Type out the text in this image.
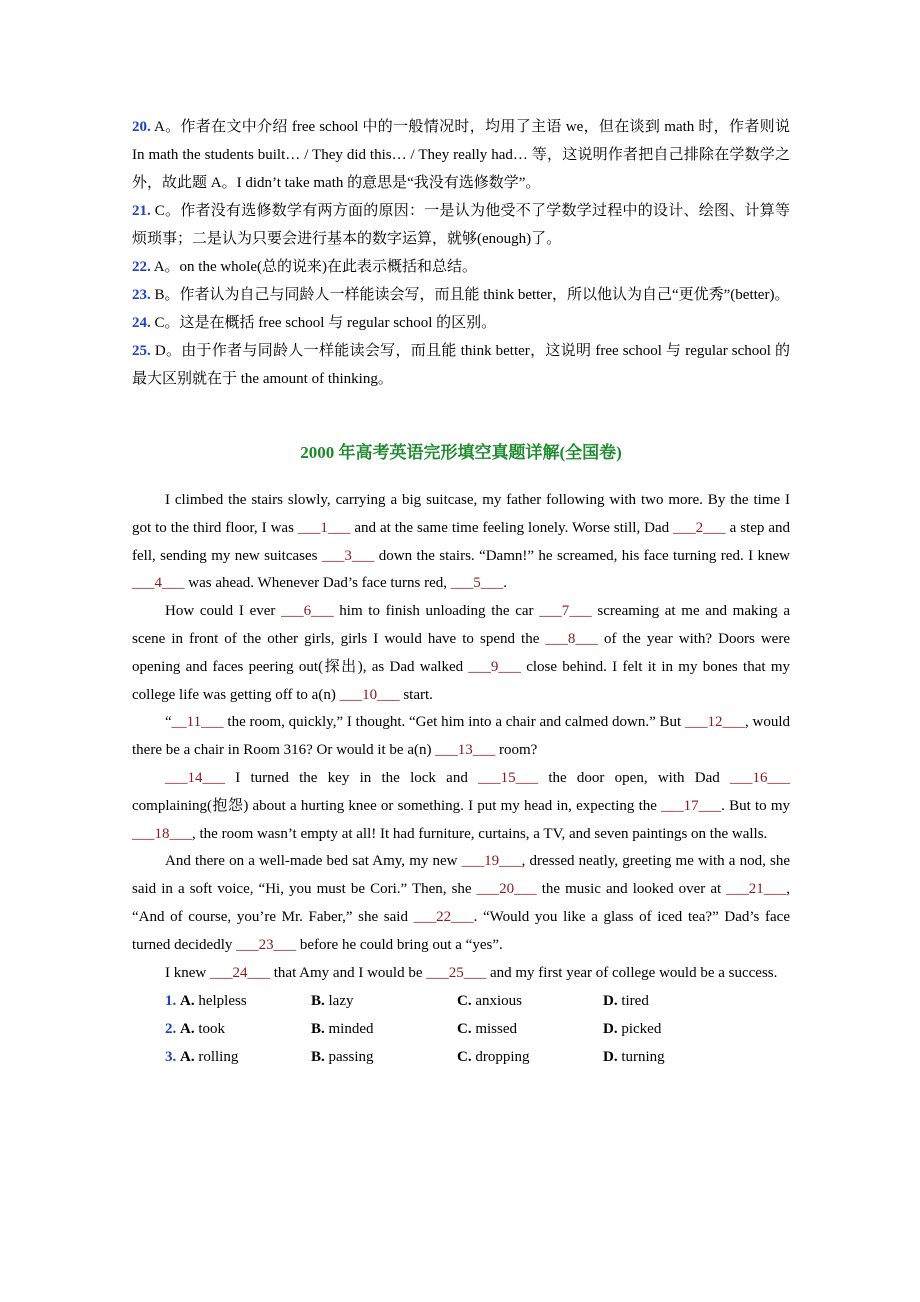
20. A。作者在文中介绍 free school 中的一般情况时，均用了主语 we，但在谈到 math 时，作者则说 In math the students built… / They did this… / They really had… 等，这说明作者把自己排除在学数学之外，故此题 A。I didn’t take math 的意思是“我没有选修数学”。
21. C。作者没有选修数学有两方面的原因：一是认为他受不了学数学过程中的设计、绘图、计算等烦琐事；二是认为只要会进行基本的数字运算，就够(enough)了。
22. A。on the whole(总的说来)在此表示概括和总结。
23. B。作者认为自己与同龄人一样能读会写，而且能 think better，所以他认为自己“更优秀”(better)。
24. C。这是在概括 free school 与 regular school 的区别。
25. D。由于作者与同龄人一样能读会写，而且能 think better，这说明 free school 与 regular school 的最大区别就在于 the amount of thinking。
2000 年高考英语完形填空真题详解(全国卷)

I climbed the stairs slowly, carrying a big suitcase, my father following with two more. By the time I got to the third floor, I was ___1___ and at the same time feeling lonely. Worse still, Dad ___2___ a step and fell, sending my new suitcases ___3___ down the stairs. “Damn!” he screamed, his face turning red. I knew ___4___ was ahead. Whenever Dad’s face turns red, ___5___.

How could I ever ___6___ him to finish unloading the car ___7___ screaming at me and making a scene in front of the other girls, girls I would have to spend the ___8___ of the year with? Doors were opening and faces peering out(探出), as Dad walked ___9___ close behind. I felt it in my bones that my college life was getting off to a(n) ___10___ start.

“__11___ the room, quickly,” I thought. “Get him into a chair and calmed down.” But ___12___, would there be a chair in Room 316? Or would it be a(n) ___13___ room?

___14___ I turned the key in the lock and ___15___ the door open, with Dad ___16___ complaining(抱怨) about a hurting knee or something. I put my head in, expecting the ___17___. But to my ___18___, the room wasn’t empty at all! It had furniture, curtains, a TV, and seven paintings on the walls.

And there on a well-made bed sat Amy, my new ___19___, dressed neatly, greeting me with a nod, she said in a soft voice, “Hi, you must be Cori.” Then, she ___20___ the music and looked over at ___21___, “And of course, you’re Mr. Faber,” she said ___22___. “Would you like a glass of iced tea?” Dad’s face turned decidedly ___23___ before he could bring out a “yes”.

I knew ___24___ that Amy and I would be ___25___ and my first year of college would be a success.

1. A. helpless	B. lazy	C. anxious	D. tired
2. A. took	B. minded	C. missed	D. picked
3. A. rolling	B. passing	C. dropping	D. turning
